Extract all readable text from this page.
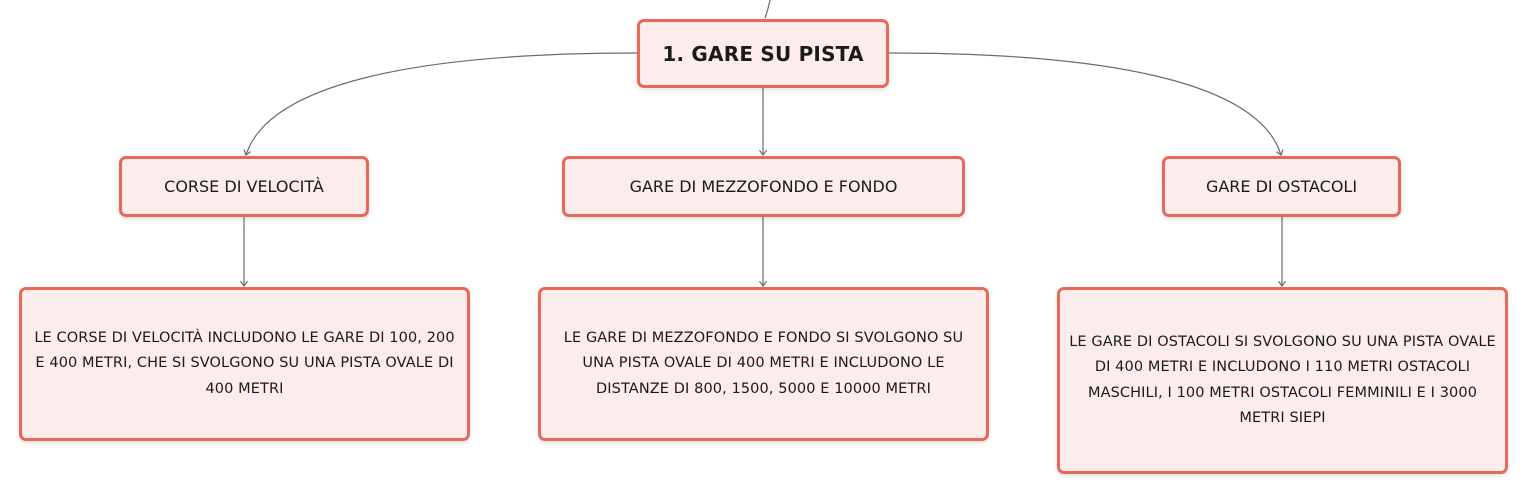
1. GARE SU PISTA
CORSE DI VELOCITÀ	GARE DI MEZZOFONDO E FONDO	GARE DI OSTACOLI
LE CORSE DI VELOCITÀ INCLUDONO LE GARE DI 100, 200 E 400 METRI, CHE SI SVOLGONO SU UNA PISTA OVALE DI 400 METRI
LE GARE DI MEZZOFONDO E FONDO SI SVOLGONO SU UNA PISTA OVALE DI 400 METRI E INCLUDONO LE DISTANZE DI 800, 1500, 5000 E 10000 METRI
LE GARE DI OSTACOLI SI SVOLGONO SU UNA PISTA OVALE DI 400 METRI E INCLUDONO I 110 METRI OSTACOLI MASCHILI, I 100 METRI OSTACOLI FEMMINILI E I 3000 METRI SIEPI
